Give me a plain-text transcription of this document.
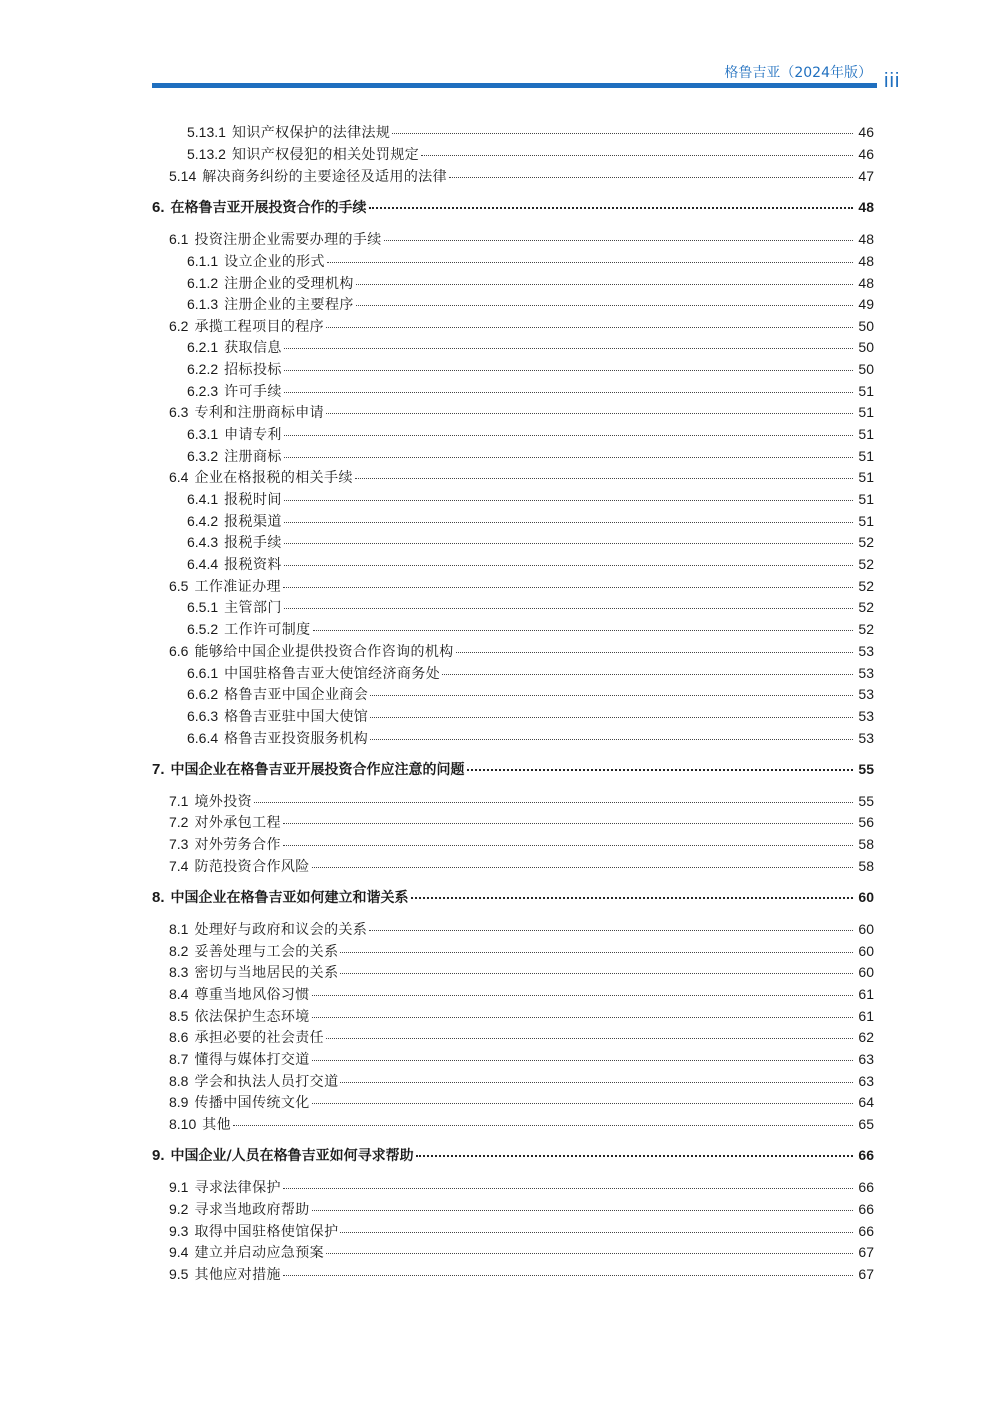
格鲁吉亚（2024年版） iii
5.13.1 知识产权保护的法律法规	46
5.13.2 知识产权侵犯的相关处罚规定	46
5.14 解决商务纠纷的主要途径及适用的法律	47
6. 在格鲁吉亚开展投资合作的手续	48
6.1 投资注册企业需要办理的手续	48
6.1.1 设立企业的形式	48
6.1.2 注册企业的受理机构	48
6.1.3 注册企业的主要程序	49
6.2 承揽工程项目的程序	50
6.2.1 获取信息	50
6.2.2 招标投标	50
6.2.3 许可手续	51
6.3 专利和注册商标申请	51
6.3.1 申请专利	51
6.3.2 注册商标	51
6.4 企业在格报税的相关手续	51
6.4.1 报税时间	51
6.4.2 报税渠道	51
6.4.3 报税手续	52
6.4.4 报税资料	52
6.5 工作准证办理	52
6.5.1 主管部门	52
6.5.2 工作许可制度	52
6.6 能够给中国企业提供投资合作咨询的机构	53
6.6.1 中国驻格鲁吉亚大使馆经济商务处	53
6.6.2 格鲁吉亚中国企业商会	53
6.6.3 格鲁吉亚驻中国大使馆	53
6.6.4 格鲁吉亚投资服务机构	53
7. 中国企业在格鲁吉亚开展投资合作应注意的问题	55
7.1 境外投资	55
7.2 对外承包工程	56
7.3 对外劳务合作	58
7.4 防范投资合作风险	58
8. 中国企业在格鲁吉亚如何建立和谐关系	60
8.1 处理好与政府和议会的关系	60
8.2 妥善处理与工会的关系	60
8.3 密切与当地居民的关系	60
8.4 尊重当地风俗习惯	61
8.5 依法保护生态环境	61
8.6 承担必要的社会责任	62
8.7 懂得与媒体打交道	63
8.8 学会和执法人员打交道	63
8.9 传播中国传统文化	64
8.10 其他	65
9. 中国企业/人员在格鲁吉亚如何寻求帮助	66
9.1 寻求法律保护	66
9.2 寻求当地政府帮助	66
9.3 取得中国驻格使馆保护	66
9.4 建立并启动应急预案	67
9.5 其他应对措施	67
